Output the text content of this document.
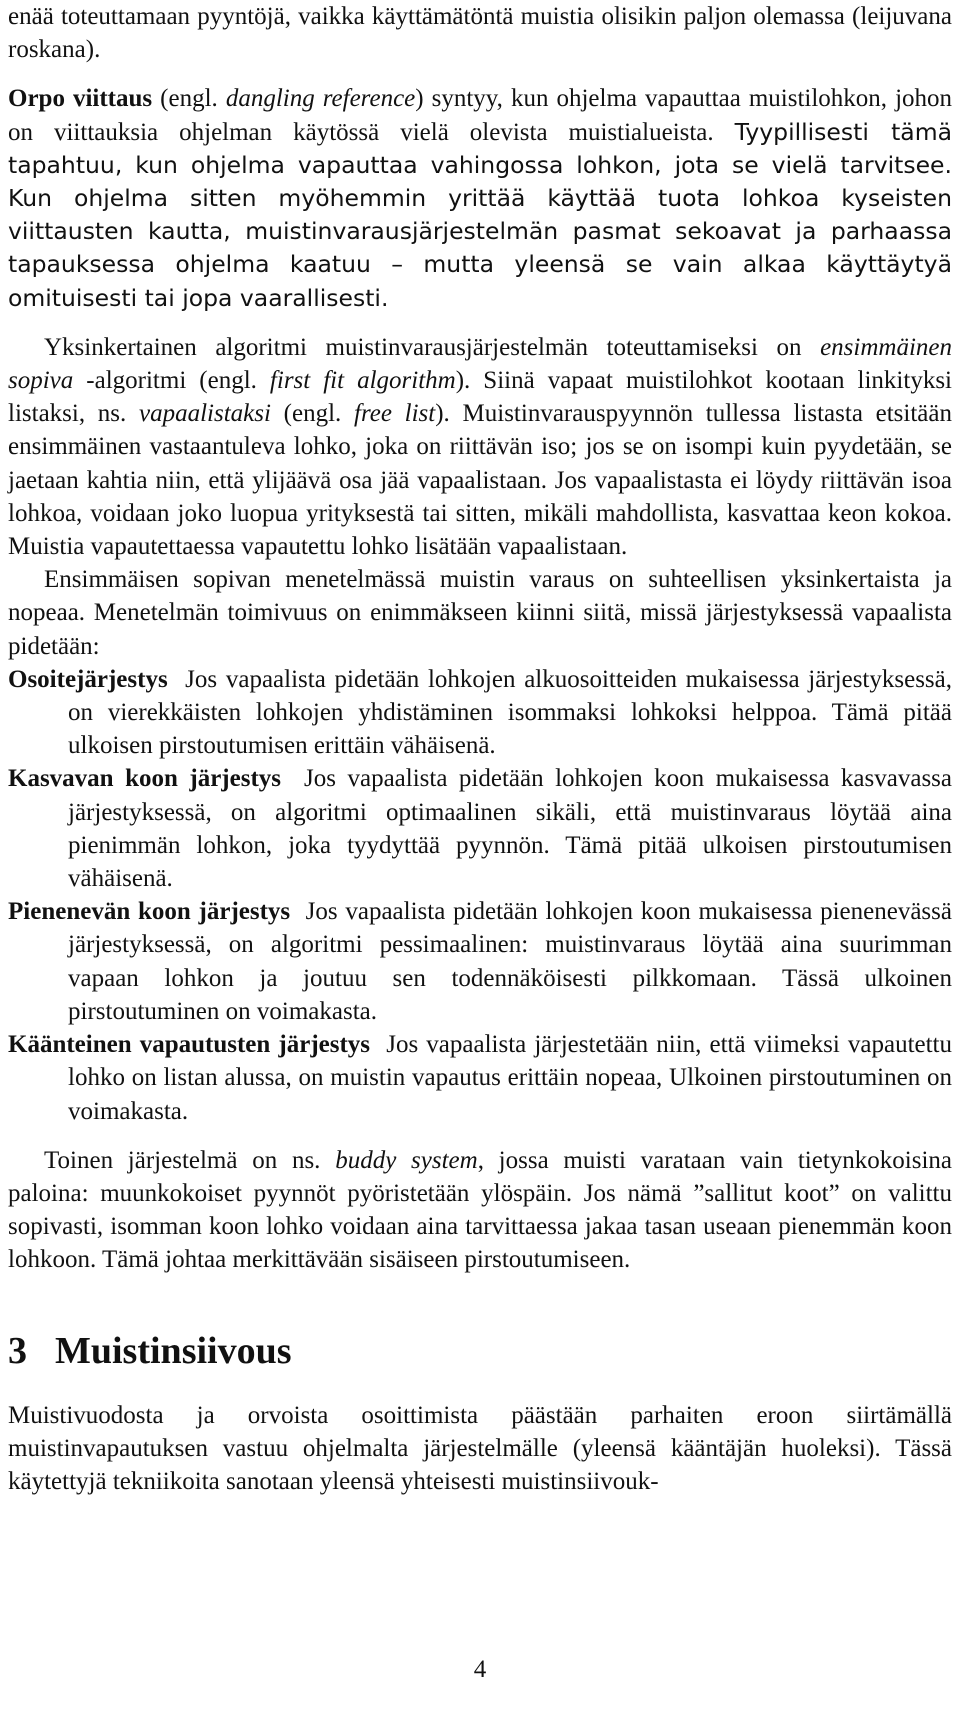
enää toteuttamaan pyyntöjä, vaikka käyttämätöntä muistia olisikin paljon olemassa (leijuvana roskana).

Orpo viittaus (engl. dangling reference) syntyy, kun ohjelma vapauttaa muistilohkon, johon on viittauksia ohjelman käytössä vielä olevista muistialueista. Tyypillisesti tämä tapahtuu, kun ohjelma vapauttaa vahingossa lohkon, jota se vielä tarvitsee. Kun ohjelma sitten myöhemmin yrittää käyttää tuota lohkoa kyseisten viittausten kautta, muistinvarausjärjestelmän pasmat sekoavat ja parhaassa tapauksessa ohjelma kaatuu – mutta yleensä se vain alkaa käyttäytyä omituisesti tai jopa vaarallisesti.

Yksinkertainen algoritmi muistinvarausjärjestelmän toteuttamiseksi on ensimmäinen sopiva -algoritmi (engl. first fit algorithm). Siinä vapaat muistilohkot kootaan linkityksi listaksi, ns. vapaalistaksi (engl. free list). Muistinvarauspyynnön tullessa listasta etsitään ensimmäinen vastaantuleva lohko, joka on riittävän iso; jos se on isompi kuin pyydetään, se jaetaan kahtia niin, että ylijäävä osa jää vapaalistaan. Jos vapaalistasta ei löydy riittävän isoa lohkoa, voidaan joko luopua yrityksestä tai sitten, mikäli mahdollista, kasvattaa keon kokoa. Muistia vapautettaessa vapautettu lohko lisätään vapaalistaan.

Ensimmäisen sopivan menetelmässä muistin varaus on suhteellisen yksinkertaista ja nopeaa. Menetelmän toimivuus on enimmäkseen kiinni siitä, missä järjestyksessä vapaalista pidetään:

Osoitejärjestys Jos vapaalista pidetään lohkojen alkuosoitteiden mukaisessa järjestyksessä, on vierekkäisten lohkojen yhdistäminen isommaksi lohkoksi helppoa. Tämä pitää ulkoisen pirstoutumisen erittäin vähäisenä.

Kasvavan koon järjestys Jos vapaalista pidetään lohkojen koon mukaisessa kasvavassa järjestyksessä, on algoritmi optimaalinen sikäli, että muistinvaraus löytää aina pienimmän lohkon, joka tyydyttää pyynnön. Tämä pitää ulkoisen pirstoutumisen vähäisenä.

Pienenevän koon järjestys Jos vapaalista pidetään lohkojen koon mukaisessa pienenevässä järjestyksessä, on algoritmi pessimaalinen: muistinvaraus löytää aina suurimman vapaan lohkon ja joutuu sen todennäköisesti pilkkomaan. Tässä ulkoinen pirstoutuminen on voimakasta.

Käänteinen vapautusten järjestys Jos vapaalista järjestetään niin, että viimeksi vapautettu lohko on listan alussa, on muistin vapautus erittäin nopeaa, Ulkoinen pirstoutuminen on voimakasta.

Toinen järjestelmä on ns. buddy system, jossa muisti varataan vain tietynkokoisina paloina: muunkokoiset pyynnöt pyöristetään ylöspäin. Jos nämä ”sallitut koot” on valittu sopivasti, isomman koon lohko voidaan aina tarvittaessa jakaa tasan useaan pienemmän koon lohkoon. Tämä johtaa merkittävään sisäiseen pirstoutumiseen.

3 Muistinsiivous

Muistivuodosta ja orvoista osoittimista päästään parhaiten eroon siirtämällä muistinvapautuksen vastuu ohjelmalta järjestelmälle (yleensä kääntäjän huoleksi). Tässä käytettyjä tekniikoita sanotaan yleensä yhteisesti muistinsiivouk-

4
